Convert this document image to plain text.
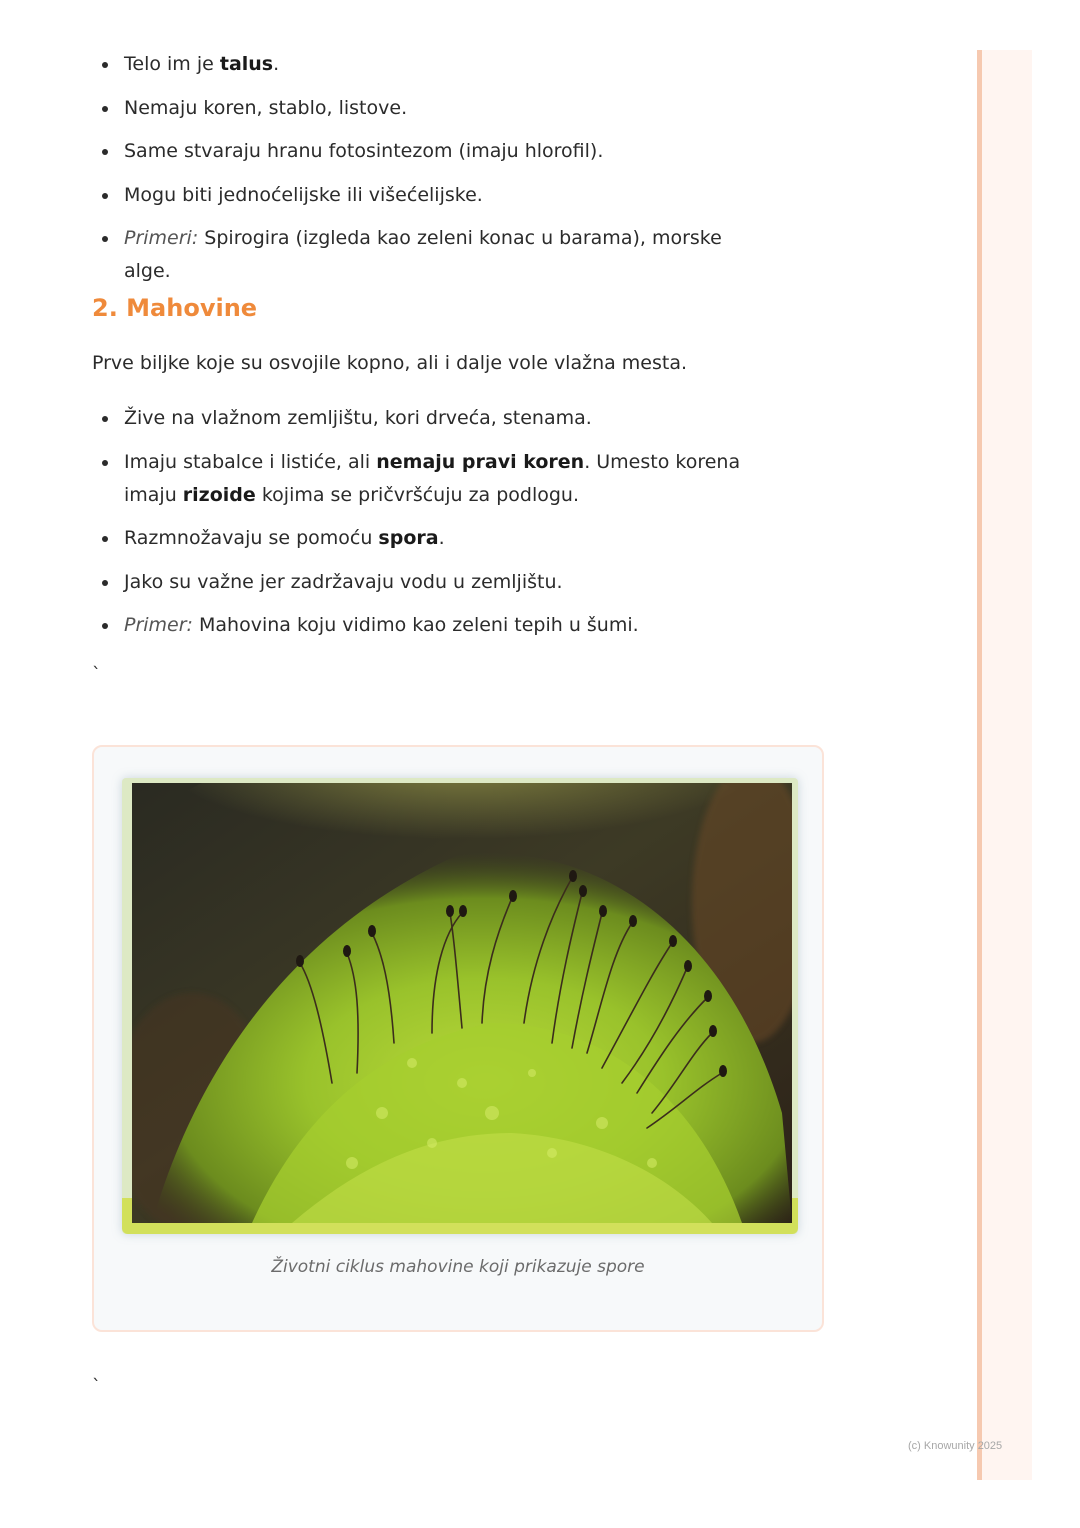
Telo im je talus.
Nemaju koren, stablo, listove.
Same stvaraju hranu fotosintezom (imaju hlorofil).
Mogu biti jednoćelijske ili višećelijske.
Primeri: Spirogira (izgleda kao zeleni konac u barama), morske alge.
2. Mahovine

Prve biljke koje su osvojile kopno, ali i dalje vole vlažna mesta.

Žive na vlažnom zemljištu, kori drveća, stenama.
Imaju stabalce i listiće, ali nemaju pravi koren. Umesto korena imaju rizoide kojima se pričvršćuju za podlogu.
Razmnožavaju se pomoću spora.
Jako su važne jer zadržavaju vodu u zemljištu.
Primer: Mahovina koju vidimo kao zeleni tepih u šumi.
`

Životni ciklus mahovine koji prikazuje spore

`
(c) Knowunity 2025
